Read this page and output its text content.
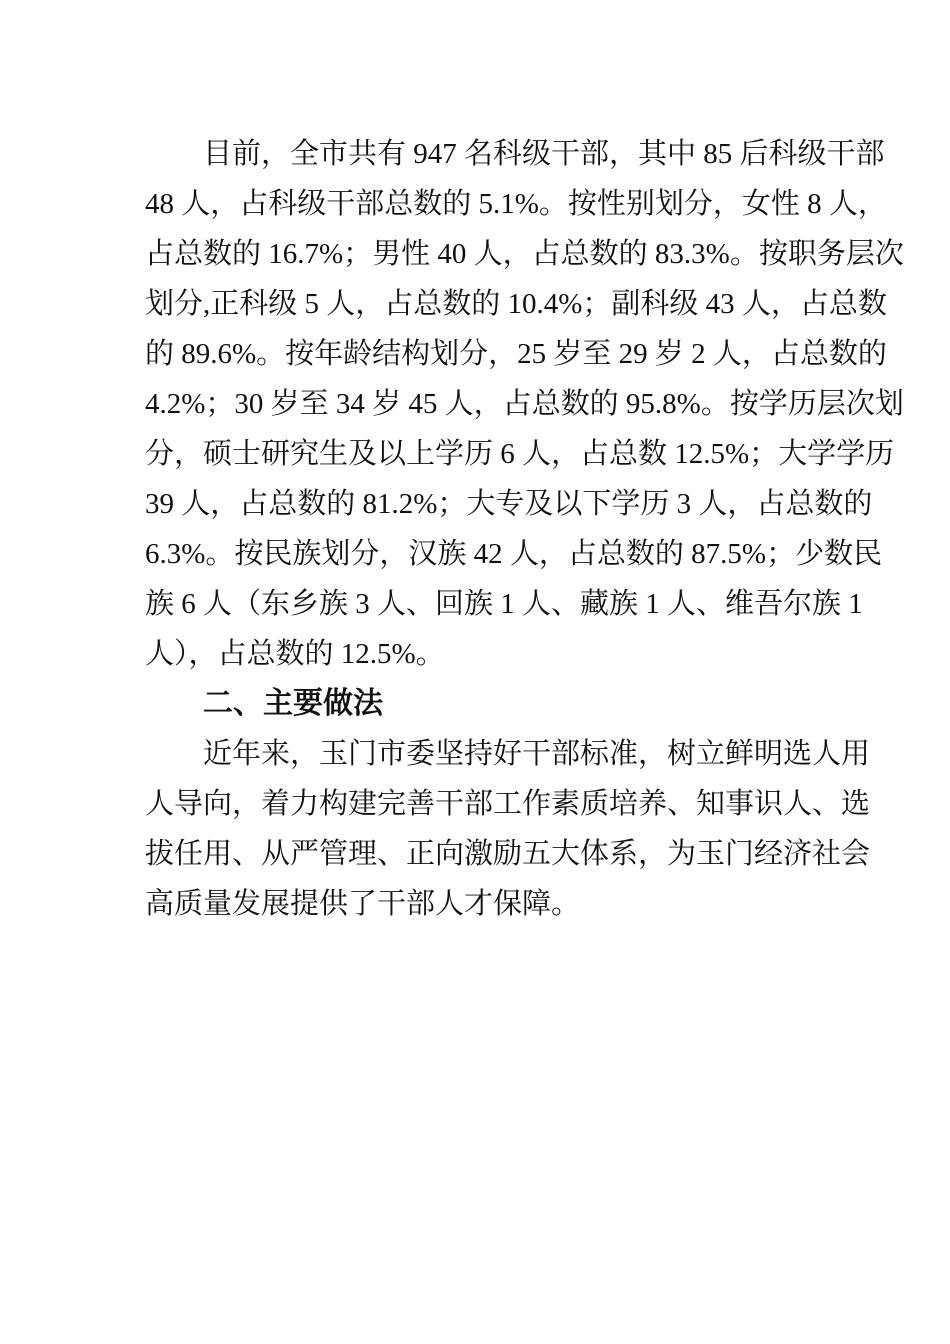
目前，全市共有 947 名科级干部，其中 85 后科级干部
48 人，占科级干部总数的 5.1%。按性别划分，女性 8 人，
占总数的 16.7%；男性 40 人，占总数的 83.3%。按职务层次
划分,正科级 5 人，占总数的 10.4%；副科级 43 人，占总数
的 89.6%。按年龄结构划分，25 岁至 29 岁 2 人，占总数的
4.2%；30 岁至 34 岁 45 人，占总数的 95.8%。按学历层次划
分，硕士研究生及以上学历 6 人，占总数 12.5%；大学学历
39 人，占总数的 81.2%；大专及以下学历 3 人，占总数的
6.3%。按民族划分，汉族 42 人，占总数的 87.5%；少数民
族 6 人（东乡族 3 人、回族 1 人、藏族 1 人、维吾尔族 1
人），占总数的 12.5%。
二、主要做法
近年来，玉门市委坚持好干部标准，树立鲜明选人用
人导向，着力构建完善干部工作素质培养、知事识人、选
拔任用、从严管理、正向激励五大体系，为玉门经济社会
高质量发展提供了干部人才保障。
